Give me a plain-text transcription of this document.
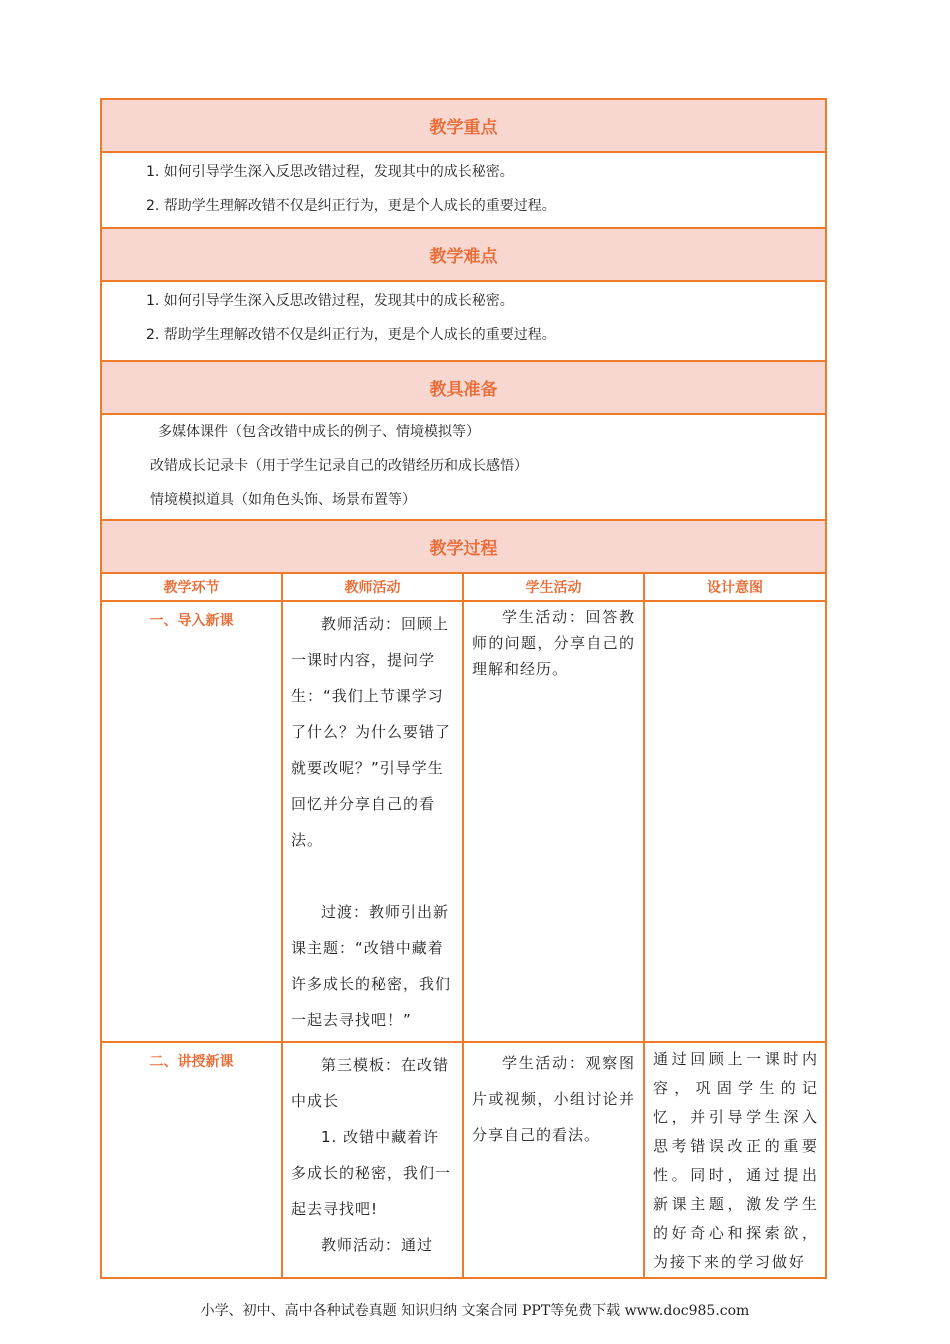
教学重点			

1. 如何引导学生深入反思改错过程，发现其中的成长秘密。
2. 帮助学生理解改错不仅是纠正行为，更是个人成长的重要过程。			

教学难点			

1. 如何引导学生深入反思改错过程，发现其中的成长秘密。
2. 帮助学生理解改错不仅是纠正行为，更是个人成长的重要过程。			

教具准备			

多媒体课件（包含改错中成长的例子、情境模拟等）
改错成长记录卡（用于学生记录自己的改错经历和成长感悟）
情境模拟道具（如角色头饰、场景布置等）			

教学过程			
教学环节	教师活动	学生活动	设计意图
一、导入新课	教师活动：回顾上一课时内容，提问学生：“我们上节课学习了什么？为什么要错了就要改呢？”引导学生回忆并分享自己的看法。

过渡：教师引出新课主题：“改错中藏着许多成长的秘密，我们一起去寻找吧！”	学生活动：回答教师的问题，分享自己的理解和经历。	

二、讲授新课	第三模板：在改错中成长

1. 改错中藏着许多成长的秘密，我们一起去寻找吧!

教师活动：通过	学生活动：观察图片或视频，小组讨论并分享自己的看法。	通过回顾上一课时内容，巩固学生的记忆，并引导学生深入思考错误改正的重要性。同时，通过提出新课主题，激发学生的好奇心和探索欲，为接下来的学习做好

小学、初中、高中各种试卷真题 知识归纳 文案合同 PPT等免费下载 www.doc985.com
